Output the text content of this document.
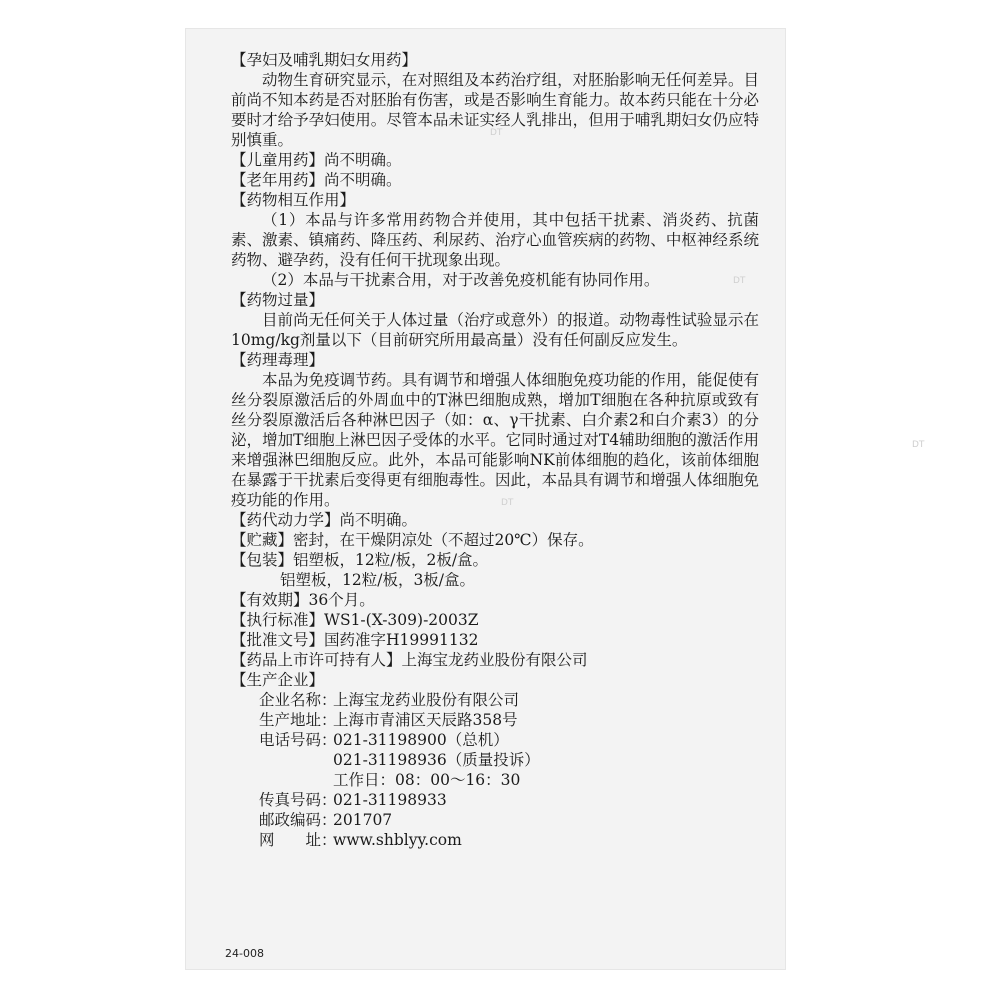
【孕妇及哺乳期妇女用药】

动物生育研究显示，在对照组及本药治疗组，对胚胎影响无任何差异。目前尚不知本药是否对胚胎有伤害，或是否影响生育能力。故本药只能在十分必要时才给予孕妇使用。尽管本品未证实经人乳排出，但用于哺乳期妇女仍应特别慎重。

【儿童用药】尚不明确。
【老年用药】尚不明确。
【药物相互作用】

（1）本品与许多常用药物合并使用，其中包括干扰素、消炎药、抗菌素、激素、镇痛药、降压药、利尿药、治疗心血管疾病的药物、中枢神经系统药物、避孕药，没有任何干扰现象出现。

（2）本品与干扰素合用，对于改善免疫机能有协同作用。

【药物过量】

目前尚无任何关于人体过量（治疗或意外）的报道。动物毒性试验显示在10mg/kg剂量以下（目前研究所用最高量）没有任何副反应发生。

【药理毒理】

本品为免疫调节药。具有调节和增强人体细胞免疫功能的作用，能促使有丝分裂原激活后的外周血中的T淋巴细胞成熟，增加T细胞在各种抗原或致有丝分裂原激活后各种淋巴因子（如：α、γ干扰素、白介素2和白介素3）的分泌，增加T细胞上淋巴因子受体的水平。它同时通过对T4辅助细胞的激活作用来增强淋巴细胞反应。此外，本品可能影响NK前体细胞的趋化，该前体细胞在暴露于干扰素后变得更有细胞毒性。因此，本品具有调节和增强人体细胞免疫功能的作用。

【药代动力学】尚不明确。
【贮藏】密封，在干燥阴凉处（不超过20℃）保存。
【包装】铝塑板，12粒/板，2板/盒。
铝塑板，12粒/板，3板/盒。
【有效期】36个月。
【执行标准】WS1-(X-309)-2003Z
【批准文号】国药准字H19991132
【药品上市许可持有人】上海宝龙药业股份有限公司
【生产企业】
企业名称：
上海宝龙药业股份有限公司
生产地址：
上海市青浦区天辰路358号
电话号码：
021-31198900（总机）
021-31198936（质量投诉）
工作日：08：00～16：30
传真号码：
021-31198933
邮政编码：
201707
网　　址：
www.shblyy.com
DT
DT
DT
24-008
DT
